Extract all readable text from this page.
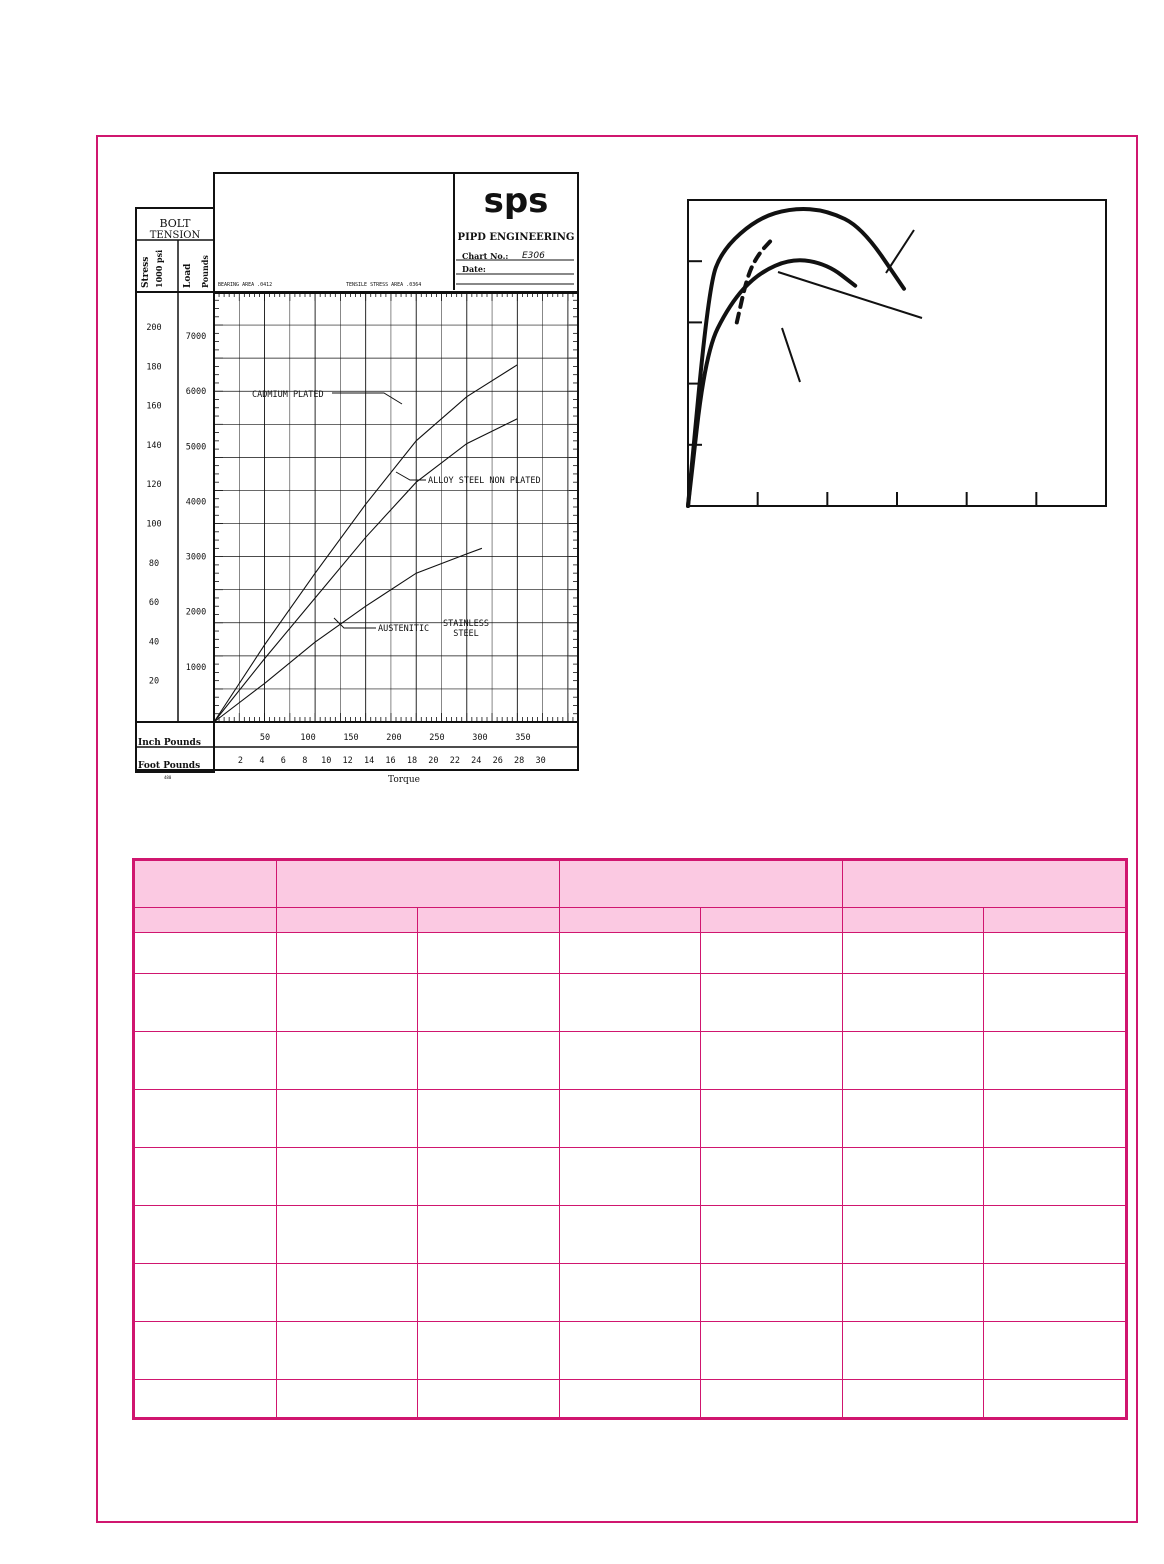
BOLT
TENSION
Stress 1000 psi Load Pounds
sps
PIPD ENGINEERING
Chart No.: E306
Date:
BEARING AREA .0412	TENSILE STRESS AREA .0364
Inch Pounds
Foot Pounds
Torque
480
CADMIUM PLATED
ALLOY STEEL NON PLATED
AUSTENITIC STAINLESS
STEEL
1000
2000
3000
4000
5000
6000
7000
20
40
60
80
100
120
140
160
180
200
50	100	150	200	250	300	350
2 4 6 8 10 12 14 16 18 20 22 24 26 28 30
